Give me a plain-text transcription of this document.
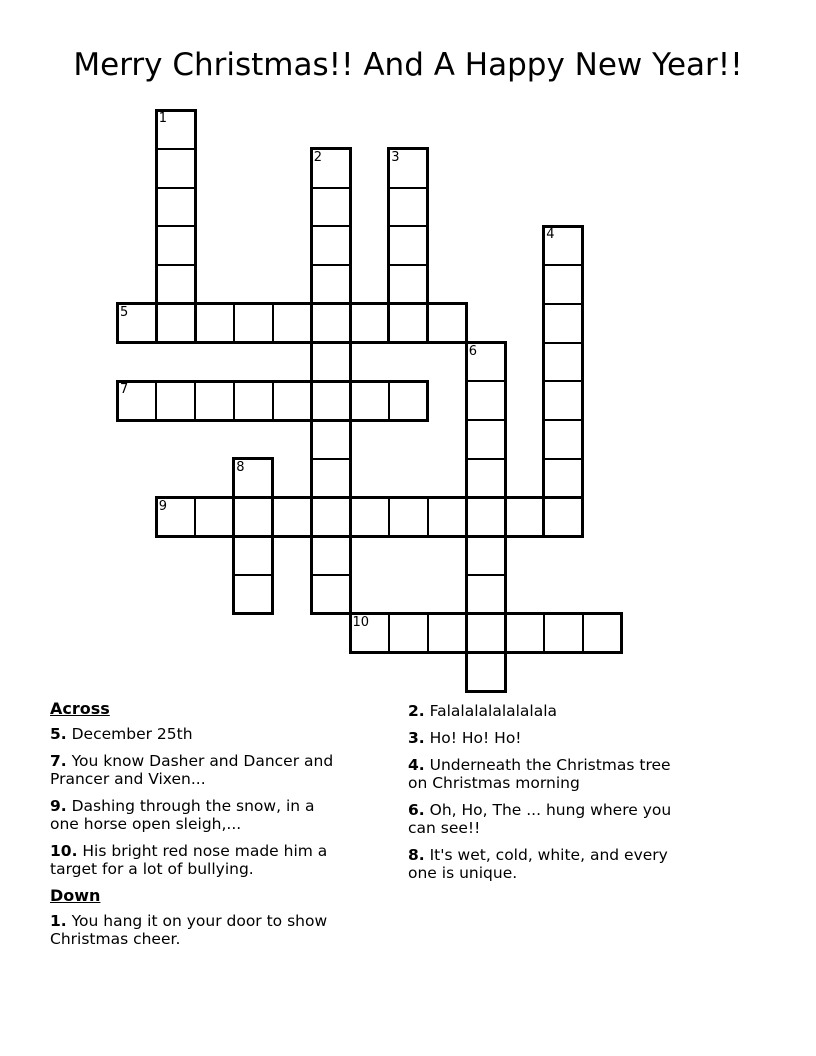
Merry Christmas!! And A Happy New Year!!
1
2	3
4
5
6
7
8
9
10
Across
5. December 25th
7. You know Dasher and Dancer and
Prancer and Vixen...
9. Dashing through the snow, in a
one horse open sleigh,...
10. His bright red nose made him a
target for a lot of bullying.
Down
1. You hang it on your door to show
Christmas cheer.
2. Falalalalalalalala
3. Ho! Ho! Ho!
4. Underneath the Christmas tree
on Christmas morning
6. Oh, Ho, The ... hung where you
can see!!
8. It's wet, cold, white, and every
one is unique.
